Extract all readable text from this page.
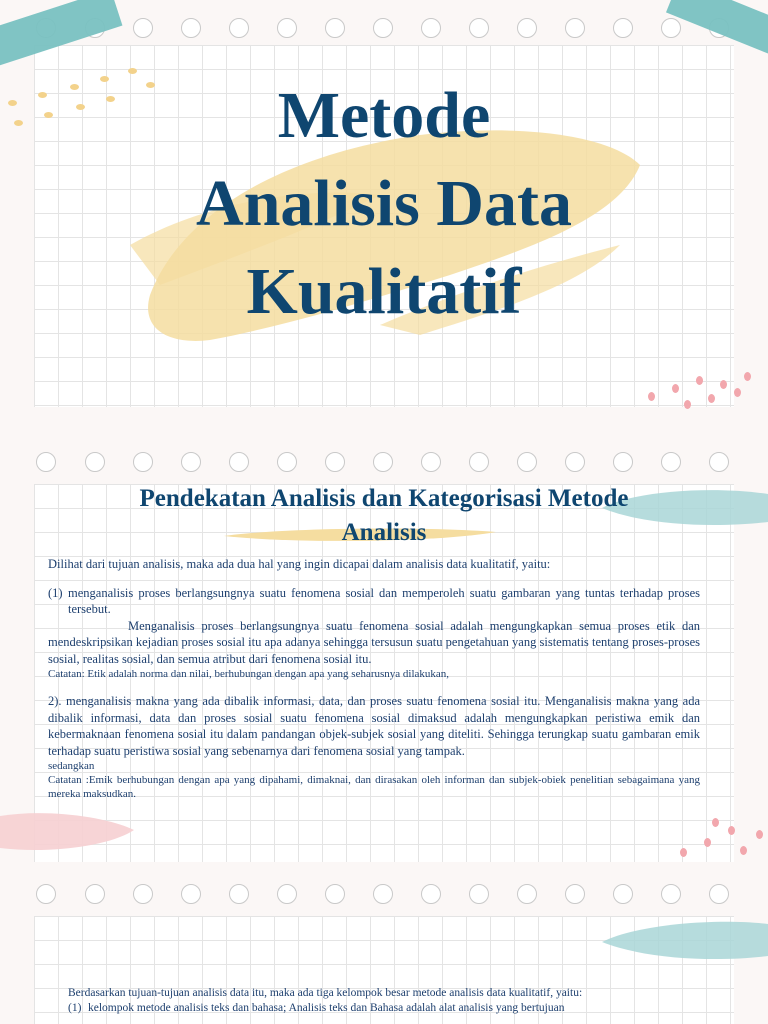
Metode
Analisis Data
Kualitatif
Pendekatan Analisis dan Kategorisasi Metode
Analisis

Dilihat dari tujuan analisis, maka ada dua hal yang ingin dicapai dalam analisis data kualitatif, yaitu:

(1) menganalisis proses berlangsungnya suatu fenomena sosial dan memperoleh suatu gambaran yang tuntas terhadap proses tersebut.

Menganalisis proses berlangsungnya suatu fenomena sosial adalah mengungkapkan semua proses etik dan mendeskripsikan kejadian proses sosial itu apa adanya sehingga tersusun suatu pengetahuan yang sistematis tentang proses-proses sosial, realitas sosial, dan semua atribut dari fenomena sosial itu.

Catatan: Etik adalah norma dan nilai, berhubungan dengan apa yang seharusnya dilakukan,

2). menganalisis makna yang ada dibalik informasi, data, dan proses suatu fenomena sosial itu. Menganalisis makna yang ada dibalik informasi, data dan proses sosial suatu fenomena sosial dimaksud adalah mengungkapkan peristiwa emik dan kebermaknaan fenomena sosial itu dalam pandangan objek-subjek sosial yang diteliti. Sehingga terungkap suatu gambaran emik terhadap suatu peristiwa sosial yang sebenarnya dari fenomena sosial yang tampak.

sedangkan

Catatan :Emik berhubungan dengan apa yang dipahami, dimaknai, dan dirasakan oleh informan dan subjek-obiek penelitian sebagaimana yang mereka maksudkan.

Berdasarkan tujuan-tujuan analisis data itu, maka ada tiga kelompok besar metode analisis data kualitatif, yaitu:

(1) kelompok metode analisis teks dan bahasa; Analisis teks dan Bahasa adalah alat analisis yang bertujuan
